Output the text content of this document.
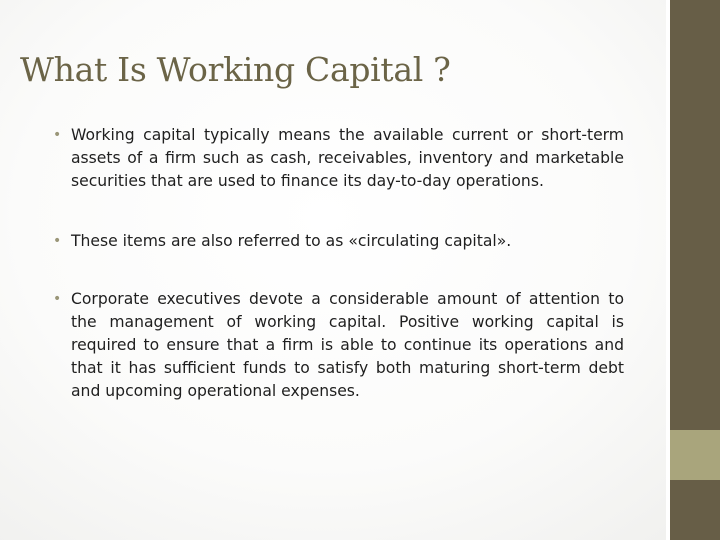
What Is Working Capital ?
• Working capital typically means the available current or short-term assets of a firm such as cash, receivables, inventory and marketable securities that are used to finance its day-to-day operations.
• These items are also referred to as «circulating capital».
• Corporate executives devote a considerable amount of attention to the management of working capital. Positive working capital is required to ensure that a firm is able to continue its operations and that it has sufficient funds to satisfy both maturing short-term debt and upcoming operational expenses.
